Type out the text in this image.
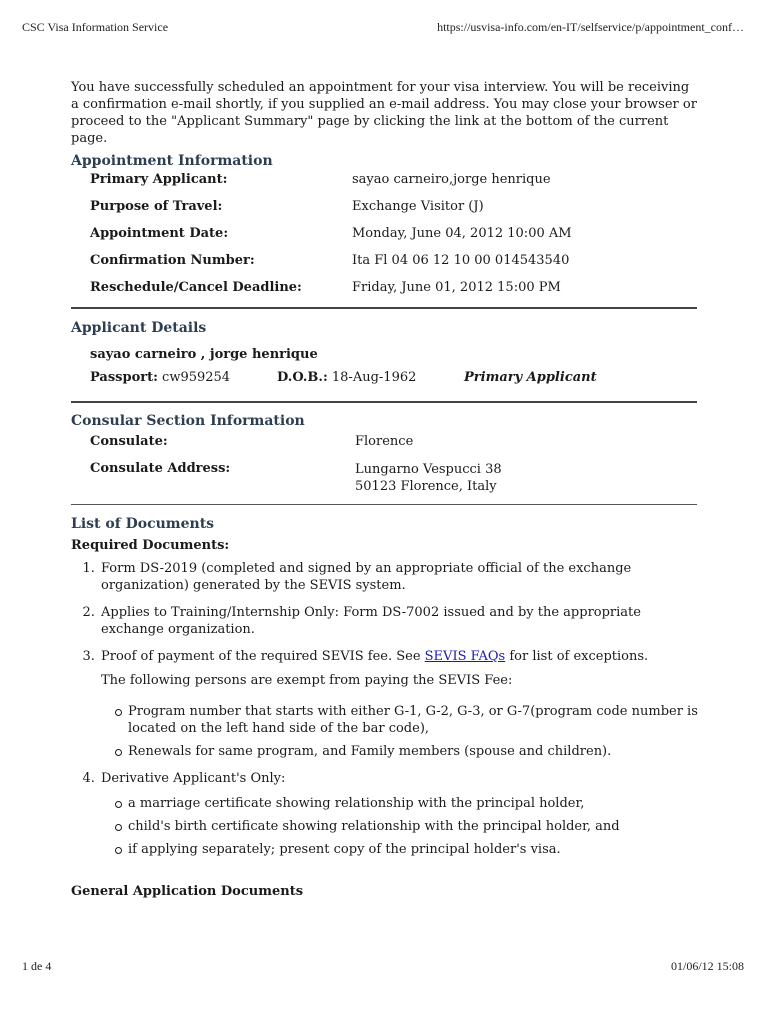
CSC Visa Information Service	https://usvisa-info.com/en-IT/selfservice/p/appointment_conf…

You have successfully scheduled an appointment for your visa interview. You will be receiving a confirmation e-mail shortly, if you supplied an e-mail address. You may close your browser or proceed to the "Applicant Summary" page by clicking the link at the bottom of the current page.

Appointment Information
Primary Applicant:	sayao carneiro,jorge henrique
Purpose of Travel:	Exchange Visitor (J)
Appointment Date:	Monday, June 04, 2012 10:00 AM
Confirmation Number:	Ita Fl 04 06 12 10 00 014543540
Reschedule/Cancel Deadline:	Friday, June 01, 2012 15:00 PM
Applicant Details
sayao carneiro , jorge henrique
Passport: cw959254	D.O.B.: 18-Aug-1962	Primary Applicant
Consular Section Information
Consulate:	Florence
Consulate Address:	Lungarno Vespucci 38
50123 Florence, Italy
List of Documents
Required Documents:
1. Form DS-2019 (completed and signed by an appropriate official of the exchange organization) generated by the SEVIS system.
2. Applies to Training/Internship Only: Form DS-7002 issued and by the appropriate exchange organization.
3. Proof of payment of the required SEVIS fee. See SEVIS FAQs for list of exceptions.
The following persons are exempt from paying the SEVIS Fee:
Program number that starts with either G-1, G-2, G-3, or G-7(program code number is located on the left hand side of the bar code),
Renewals for same program, and Family members (spouse and children).
4. Derivative Applicant's Only:
a marriage certificate showing relationship with the principal holder,
child's birth certificate showing relationship with the principal holder, and
if applying separately; present copy of the principal holder's visa.
General Application Documents
1 de 4	01/06/12 15:08
